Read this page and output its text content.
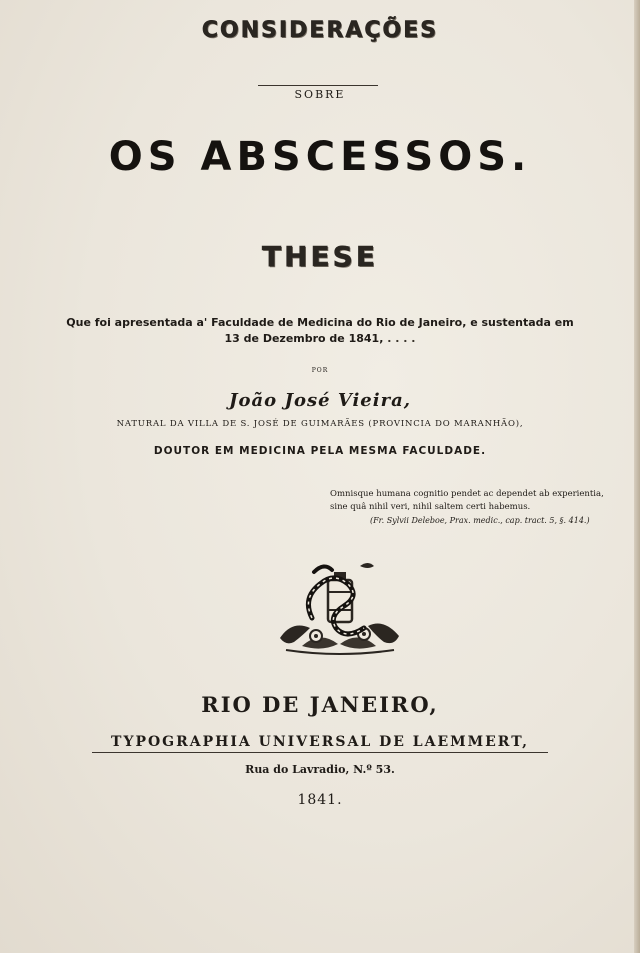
CONSIDERAÇÕES
SOBRE
OS ABSCESSOS.
THESE
Que foi apresentada a' Faculdade de Medicina do Rio de Janeiro, e sustentada em
13 de Dezembro de 1841, . . . .
POR
João José Vieira,
NATURAL DA VILLA DE S. JOSÉ DE GUIMARÃES (PROVINCIA DO MARANHÃO),
DOUTOR EM MEDICINA PELA MESMA FACULDADE.
Omnisque humana cognitio pendet ac dependet ab experientia,
sine quâ nihil veri, nihil saltem certi habemus.
(Fr. Sylvii Deleboe, Prax. medic., cap. tract. 5, §. 414.)
RIO DE JANEIRO,
TYPOGRAPHIA UNIVERSAL DE LAEMMERT,
Rua do Lavradio, N.º 53.
1841.
